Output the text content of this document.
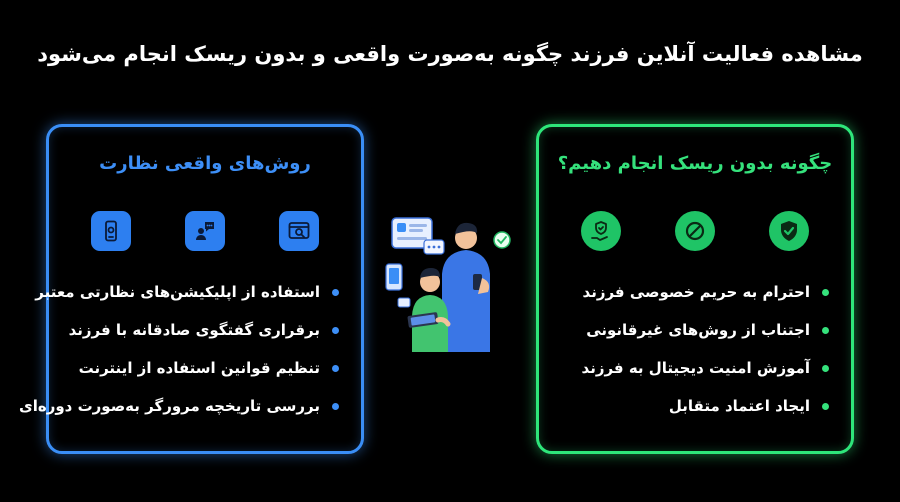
مشاهده فعالیت آنلاین فرزند چگونه به‌صورت واقعی و بدون ریسک انجام می‌شود
چگونه بدون ریسک انجام دهیم؟
احترام به حریم خصوصی فرزند
اجتناب از روش‌های غیرقانونی
آموزش امنیت دیجیتال به فرزند
ایجاد اعتماد متقابل
روش‌های واقعی نظارت
استفاده از اپلیکیشن‌های نظارتی معتبر
برقراری گفتگوی صادقانه با فرزند
تنظیم قوانین استفاده از اینترنت
بررسی تاریخچه مرورگر به‌صورت دوره‌ای
